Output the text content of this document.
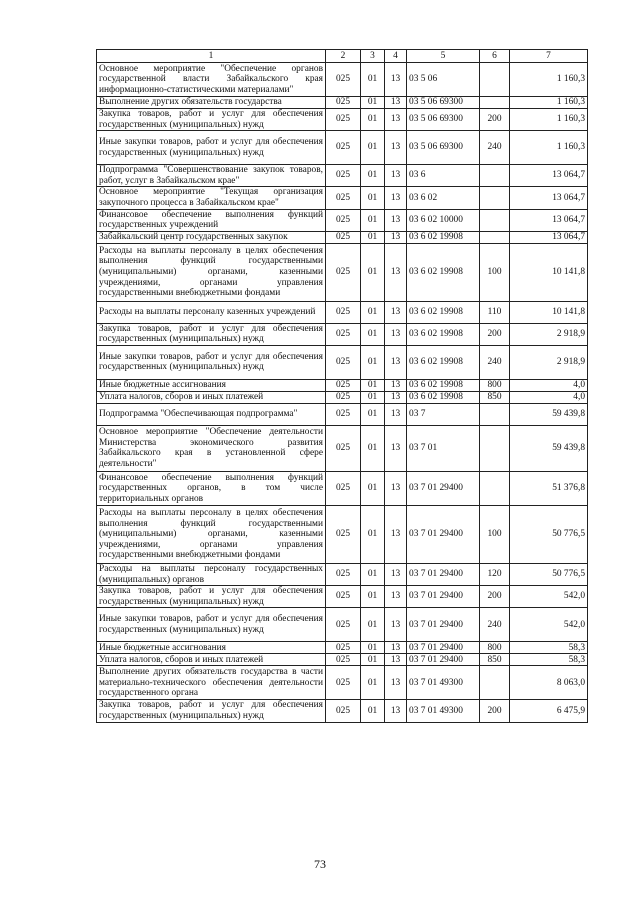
1	2	3	4	5	6	7
Основное мероприятие "Обеспечение органов государственной власти Забайкальского края информационно-статистическими материалами"	025	01	13	03 5 06		1 160,3
Выполнение других обязательств государства	025	01	13	03 5 06 69300		1 160,3
Закупка товаров, работ и услуг для обеспечения государственных (муниципальных) нужд	025	01	13	03 5 06 69300	200	1 160,3
Иные закупки товаров, работ и услуг для обеспечения государственных (муниципальных) нужд	025	01	13	03 5 06 69300	240	1 160,3
Подпрограмма "Совершенствование закупок товаров, работ, услуг в Забайкальском крае"	025	01	13	03 6		13 064,7
Основное мероприятие "Текущая организация закупочного процесса в Забайкальском крае"	025	01	13	03 6 02		13 064,7
Финансовое обеспечение выполнения функций государственных учреждений	025	01	13	03 6 02 10000		13 064,7
Забайкальский центр государственных закупок	025	01	13	03 6 02 19908		13 064,7
Расходы на выплаты персоналу в целях обеспечения выполнения функций государственными (муниципальными) органами, казенными учреждениями, органами управления государственными внебюджетными фондами	025	01	13	03 6 02 19908	100	10 141,8
Расходы на выплаты персоналу казенных учреждений	025	01	13	03 6 02 19908	110	10 141,8
Закупка товаров, работ и услуг для обеспечения государственных (муниципальных) нужд	025	01	13	03 6 02 19908	200	2 918,9
Иные закупки товаров, работ и услуг для обеспечения государственных (муниципальных) нужд	025	01	13	03 6 02 19908	240	2 918,9
Иные бюджетные ассигнования	025	01	13	03 6 02 19908	800	4,0
Уплата налогов, сборов и иных платежей	025	01	13	03 6 02 19908	850	4,0
Подпрограмма "Обеспечивающая подпрограмма"	025	01	13	03 7		59 439,8
Основное мероприятие "Обеспечение деятельности Министерства экономического развития Забайкальского края в установленной сфере деятельности"	025	01	13	03 7 01		59 439,8
Финансовое обеспечение выполнения функций государственных органов, в том числе территориальных органов	025	01	13	03 7 01 29400		51 376,8
Расходы на выплаты персоналу в целях обеспечения выполнения функций государственными (муниципальными) органами, казенными учреждениями, органами управления государственными внебюджетными фондами	025	01	13	03 7 01 29400	100	50 776,5
Расходы на выплаты персоналу государственных (муниципальных) органов	025	01	13	03 7 01 29400	120	50 776,5
Закупка товаров, работ и услуг для обеспечения государственных (муниципальных) нужд	025	01	13	03 7 01 29400	200	542,0
Иные закупки товаров, работ и услуг для обеспечения государственных (муниципальных) нужд	025	01	13	03 7 01 29400	240	542,0
Иные бюджетные ассигнования	025	01	13	03 7 01 29400	800	58,3
Уплата налогов, сборов и иных платежей	025	01	13	03 7 01 29400	850	58,3
Выполнение других обязательств государства в части материально-технического обеспечения деятельности государственного органа	025	01	13	03 7 01 49300		8 063,0
Закупка товаров, работ и услуг для обеспечения государственных (муниципальных) нужд	025	01	13	03 7 01 49300	200	6 475,9
73
